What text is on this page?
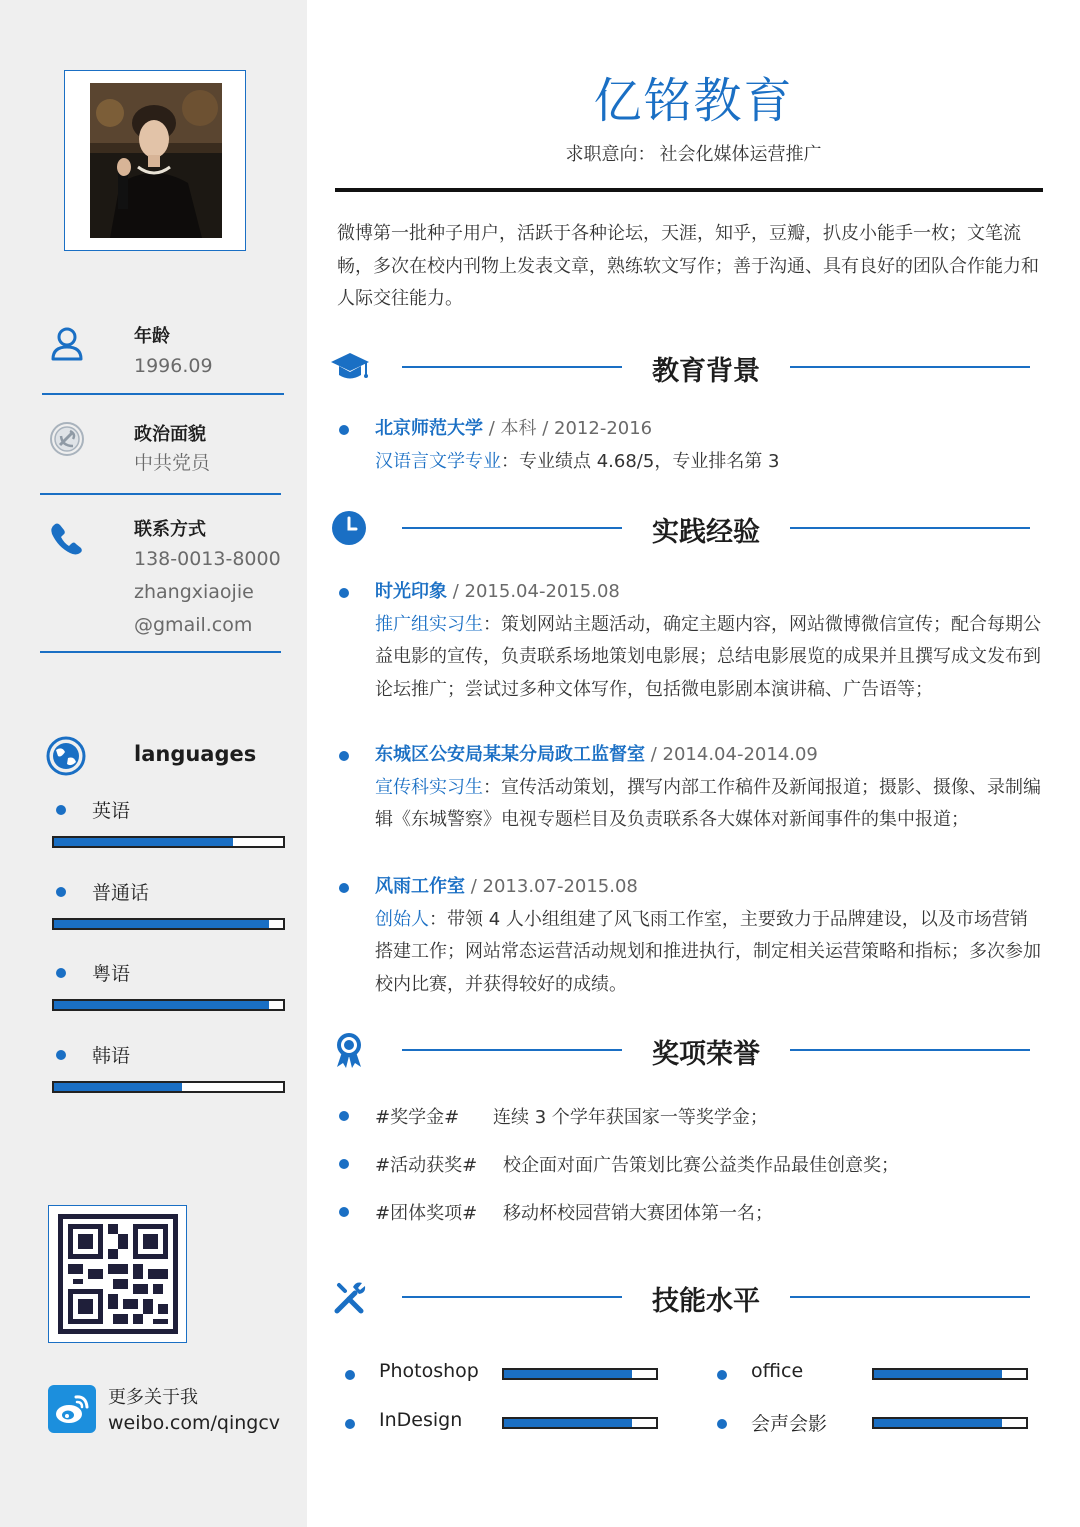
年龄
1996.09
政治面貌
中共党员
联系方式
138-0013-8000
zhangxiaojie
@gmail.com
languages
英语
普通话
粤语
韩语
更多关于我
weibo.com/qingcv
亿铭教育
求职意向： 社会化媒体运营推广
微博第一批种子用户，活跃于各种论坛，天涯，知乎，豆瓣，扒皮小能手一枚；文笔流畅，多次在校内刊物上发表文章，熟练软文写作；善于沟通、具有良好的团队合作能力和人际交往能力。
教育背景
北京师范大学 / 本科 / 2012-2016
汉语言文学专业：专业绩点 4.68/5，专业排名第 3
实践经验
时光印象 / 2015.04-2015.08
推广组实习生：策划网站主题活动，确定主题内容，网站微博微信宣传；配合每期公益电影的宣传，负责联系场地策划电影展；总结电影展览的成果并且撰写成文发布到论坛推广；尝试过多种文体写作，包括微电影剧本演讲稿、广告语等；
东城区公安局某某分局政工监督室 / 2014.04-2014.09
宣传科实习生：宣传活动策划，撰写内部工作稿件及新闻报道；摄影、摄像、录制编辑《东城警察》电视专题栏目及负责联系各大媒体对新闻事件的集中报道；
风雨工作室 / 2013.07-2015.08
创始人：带领 4 人小组组建了风飞雨工作室，主要致力于品牌建设，以及市场营销搭建工作；网站常态运营活动规划和推进执行，制定相关运营策略和指标；多次参加校内比赛，并获得较好的成绩。
奖项荣誉
#奖学金# 连续 3 个学年获国家一等奖学金；
#活动获奖# 校企面对面广告策划比赛公益类作品最佳创意奖；
#团体奖项# 移动杯校园营销大赛团体第一名；
技能水平
Photoshop	office
InDesign	会声会影
